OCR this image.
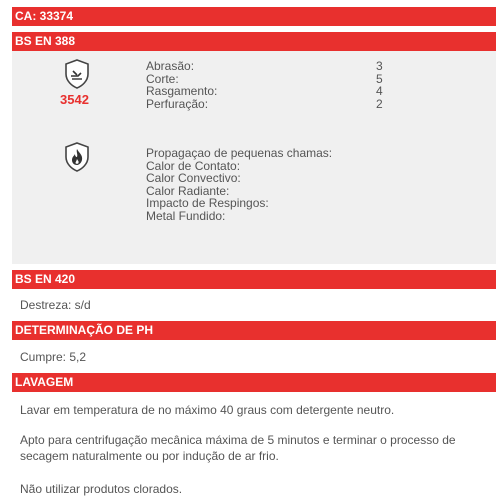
CA: 33374
BS EN 388
3542
Abrasão:	3
Corte:	5
Rasgamento:	4
Perfuração:	2
Propagaçao de pequenas chamas:
Calor de Contato:
Calor Convectivo:
Calor Radiante:
Impacto de Respingos:
Metal Fundido:
BS EN 420
Destreza: s/d
DETERMINAÇÃO DE PH
Cumpre: 5,2
LAVAGEM
Lavar em temperatura de no máximo 40 graus com detergente neutro.
Apto para centrifugação mecânica máxima de 5 minutos e terminar o processo de secagem naturalmente ou por indução de ar frio.
Não utilizar produtos clorados.
